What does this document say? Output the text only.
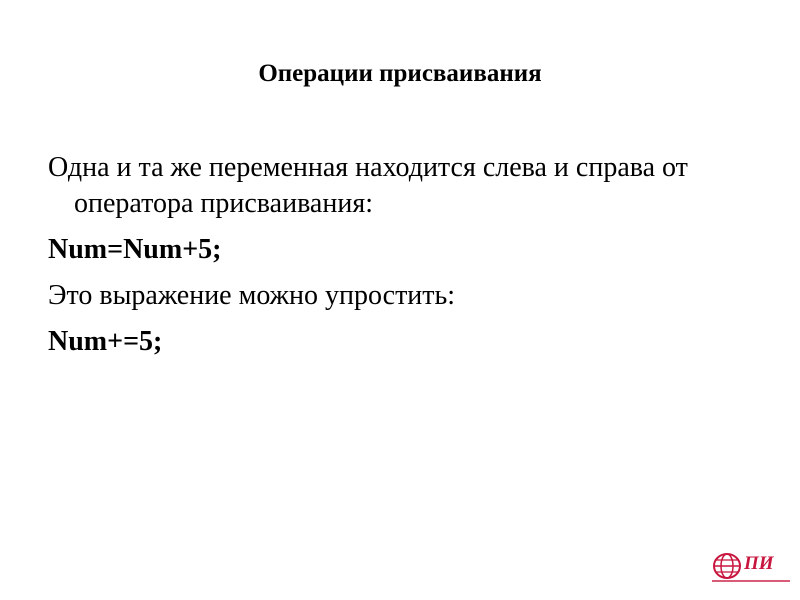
Операции присваивания

Одна и та же переменная находится слева и справа от оператора присваивания:

Num=Num+5;

Это выражение можно упростить:

Num+=5;

ПИ
